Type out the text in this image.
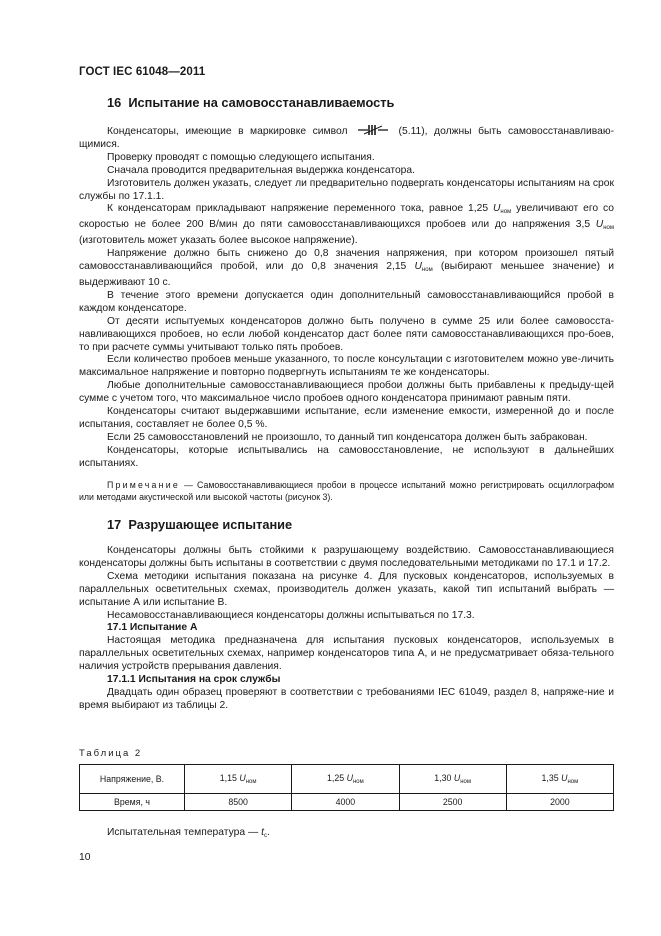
ГОСТ IEC 61048—2011
16 Испытание на самовосстанавливаемость

Конденсаторы, имеющие в маркировке символ	(5.11), должны быть самовосстанавливаю-щимися.

Проверку проводят с помощью следующего испытания.

Сначала проводится предварительная выдержка конденсатора.

Изготовитель должен указать, следует ли предварительно подвергать конденсаторы испытаниям на срок службы по 17.1.1.

К конденсаторам прикладывают напряжение переменного тока, равное 1,25 $U_{ном}$ увеличивают его со скоростью не более 200 В/мин до пяти самовосстанавливающихся пробоев или до напряжения 3,5 $U_{ном}$ (изготовитель может указать более высокое напряжение).

Напряжение должно быть снижено до 0,8 значения напряжения, при котором произошел пятый самовосстанавливающийся пробой, или до 0,8 значения 2,15 $U_{ном}$ (выбирают меньшее значение) и выдерживают 10 с.

В течение этого времени допускается один дополнительный самовосстанавливающийся пробой в каждом конденсаторе.

От десяти испытуемых конденсаторов должно быть получено в сумме 25 или более самовосста-навливающихся пробоев, но если любой конденсатор даст более пяти самовосстанавливающихся про-боев, то при расчете суммы учитывают только пять пробоев.

Если количество пробоев меньше указанного, то после консультации с изготовителем можно уве-личить максимальное напряжение и повторно подвергнуть испытаниям те же конденсаторы.

Любые дополнительные самовосстанавливающиеся пробои должны быть прибавлены к предыду-щей сумме с учетом того, что максимальное число пробоев одного конденсатора принимают равным пяти.

Конденсаторы считают выдержавшими испытание, если изменение емкости, измеренной до и после испытания, составляет не более 0,5 %.

Если 25 самовосстановлений не произошло, то данный тип конденсатора должен быть забракован.

Конденсаторы, которые испытывались на самовосстановление, не используют в дальнейших испытаниях.

Примечание — Самовосстанавливающиеся пробои в процессе испытаний можно регистрировать осциллографом или методами акустической или высокой частоты (рисунок 3).

17 Разрушающее испытание

Конденсаторы должны быть стойкими к разрушающему воздействию. Самовосстанавливающиеся конденсаторы должны быть испытаны в соответствии с двумя последовательными методиками по 17.1 и 17.2.

Схема методики испытания показана на рисунке 4. Для пусковых конденсаторов, используемых в параллельных осветительных схемах, производитель должен указать, какой тип испытаний выбрать — испытание А или испытание В.

Несамовосстанавливающиеся конденсаторы должны испытываться по 17.3.

17.1 Испытание А

Настоящая методика предназначена для испытания пусковых конденсаторов, используемых в параллельных осветительных схемах, например конденсаторов типа А, и не предусматривает обяза-тельного наличия устройств прерывания давления.

17.1.1 Испытания на срок службы

Двадцать один образец проверяют в соответствии с требованиями IEC 61049, раздел 8, напряже-ние и время выбирают из таблицы 2.

Таблица 2
Напряжение, В.	1,15 $U_{ном}$	1,25 $U_{ном}$	1,30 $U_{ном}$	1,35 $U_{ном}$
Время, ч	8500	4000	2500	2000

Испытательная температура — $t_c$.

10
